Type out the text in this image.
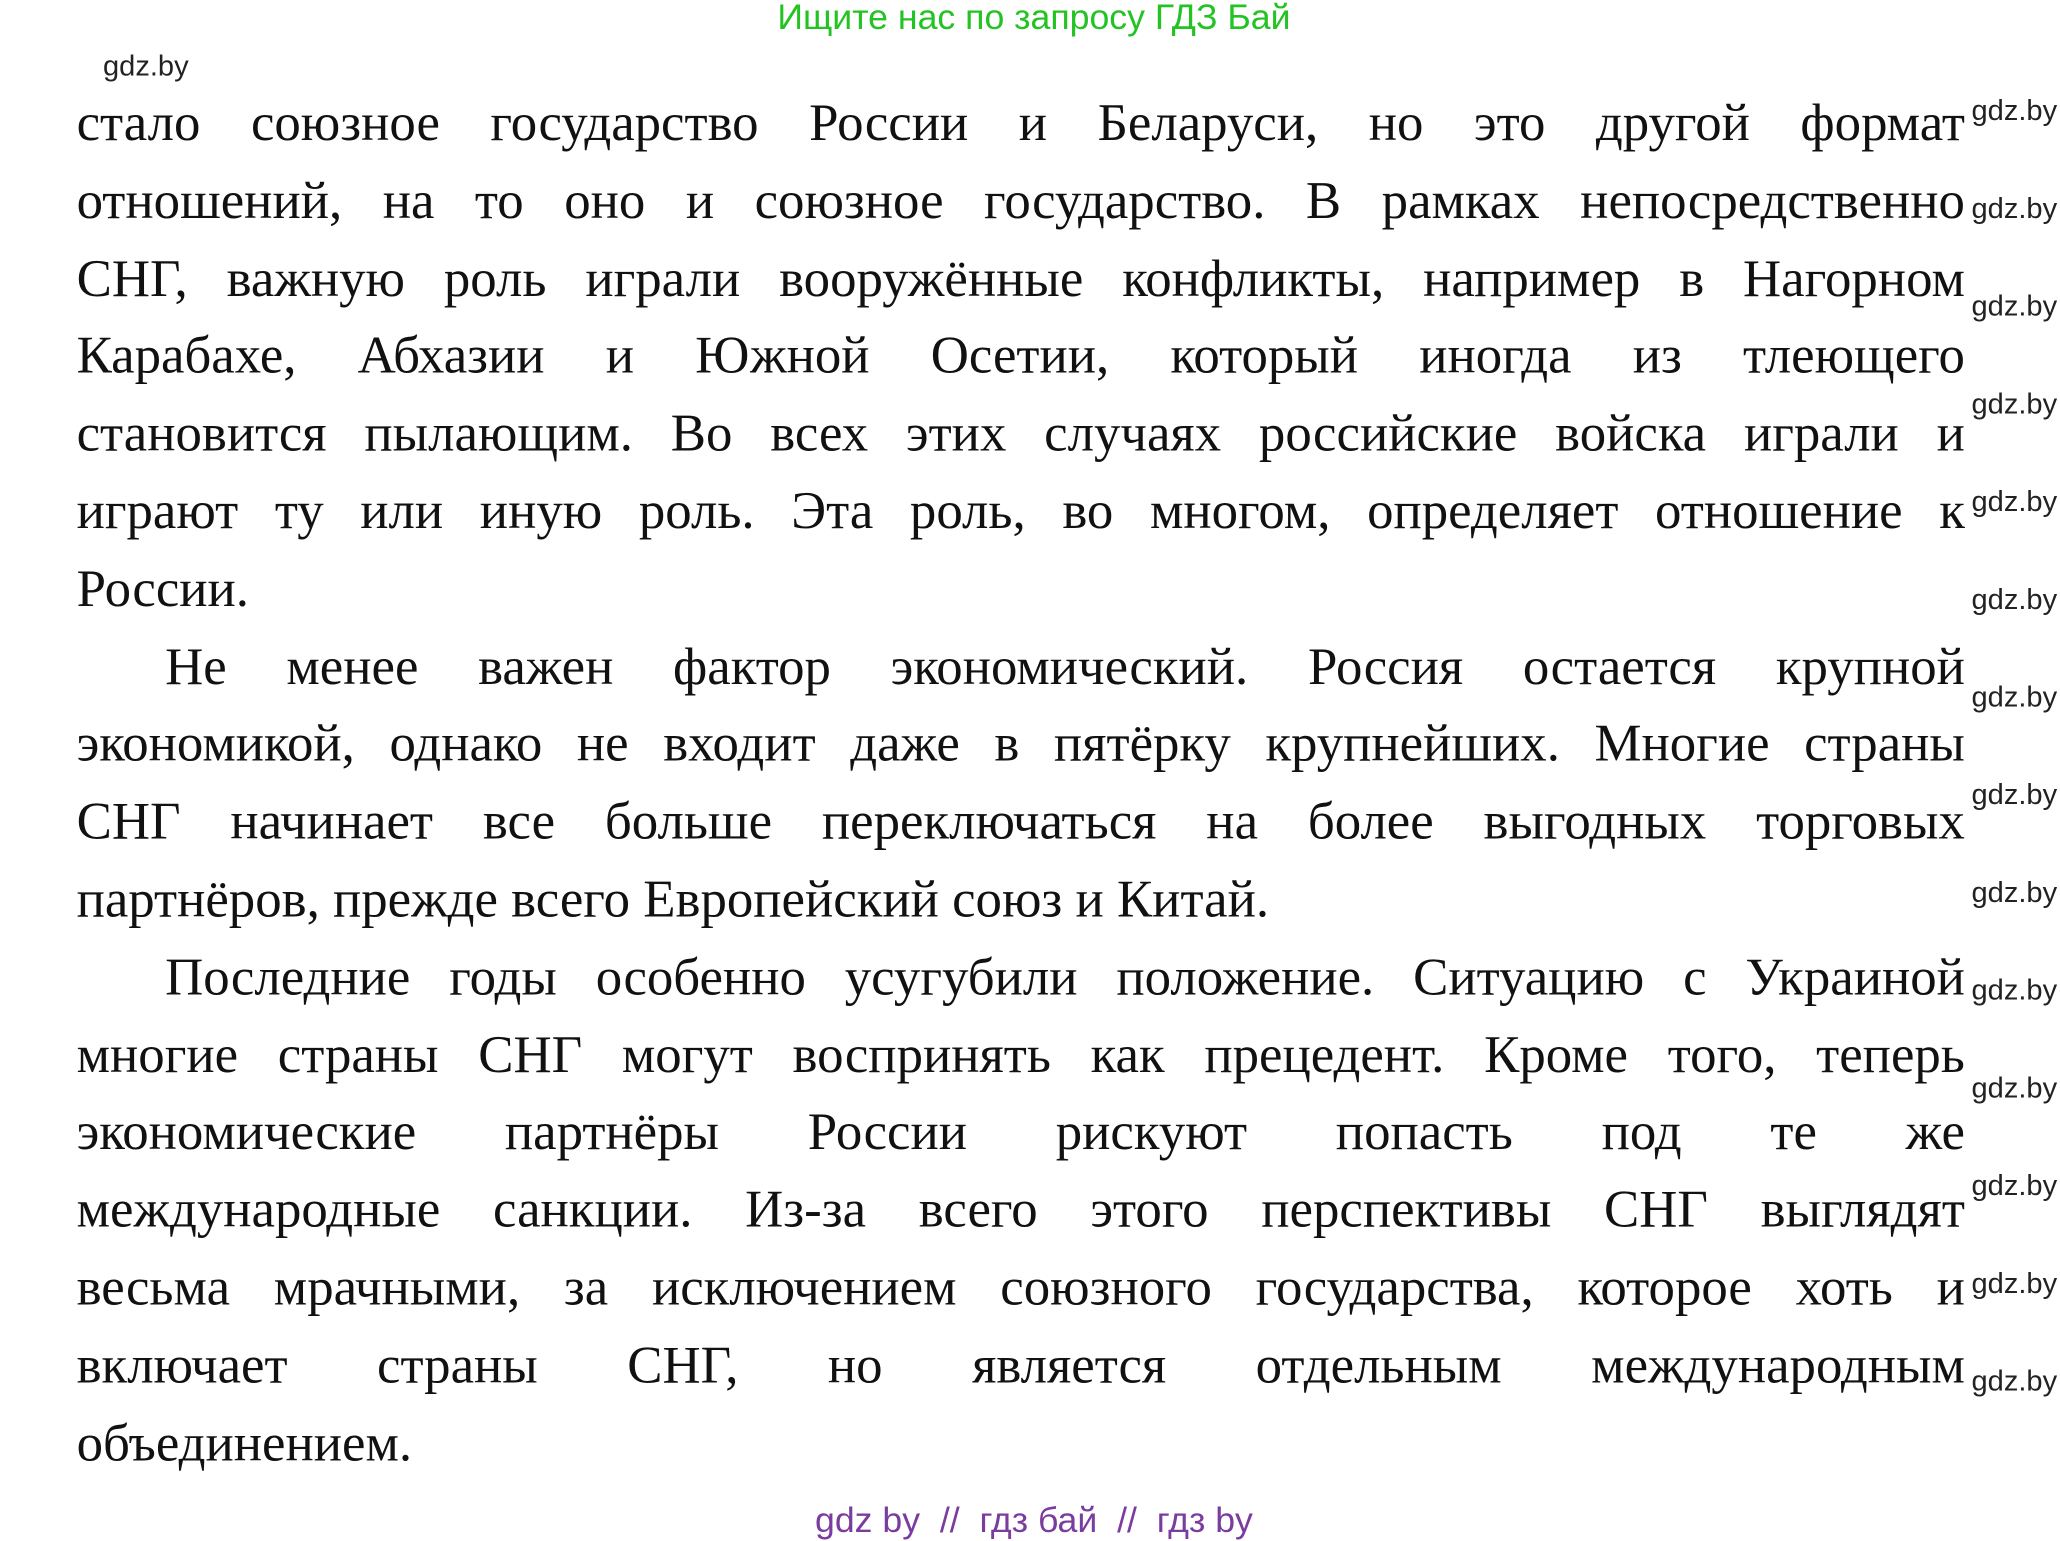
Ищите нас по запросу ГДЗ Бай
стало союзное государство России и Беларуси, но это другой формат
отношений, на то оно и союзное государство. В рамках непосредственно
СНГ, важную роль играли вооружённые конфликты, например в Нагорном
Карабахе, Абхазии и Южной Осетии, который иногда из тлеющего
становится пылающим. Во всех этих случаях российские войска играли и
играют ту или иную роль. Эта роль, во многом, определяет отношение к
России.
Не менее важен фактор экономический. Россия остается крупной
экономикой, однако не входит даже в пятёрку крупнейших. Многие страны
СНГ начинает все больше переключаться на более выгодных торговых
партнёров, прежде всего Европейский союз и Китай.
Последние годы особенно усугубили положение. Ситуацию с Украиной
многие страны СНГ могут воспринять как прецедент. Кроме того, теперь
экономические партнёры России рискуют попасть под те же
международные санкции. Из-за всего этого перспективы СНГ выглядят
весьма мрачными, за исключением союзного государства, которое хоть и
включает страны СНГ, но является отдельным международным
объединением.
gdz.by
gdz.by
gdz.by
gdz.by
gdz.by
gdz.by
gdz.by
gdz.by
gdz.by
gdz.by
gdz.by
gdz.by
gdz.by
gdz.by
gdz.by
gdz by  //  гдз бай  //  гдз by
